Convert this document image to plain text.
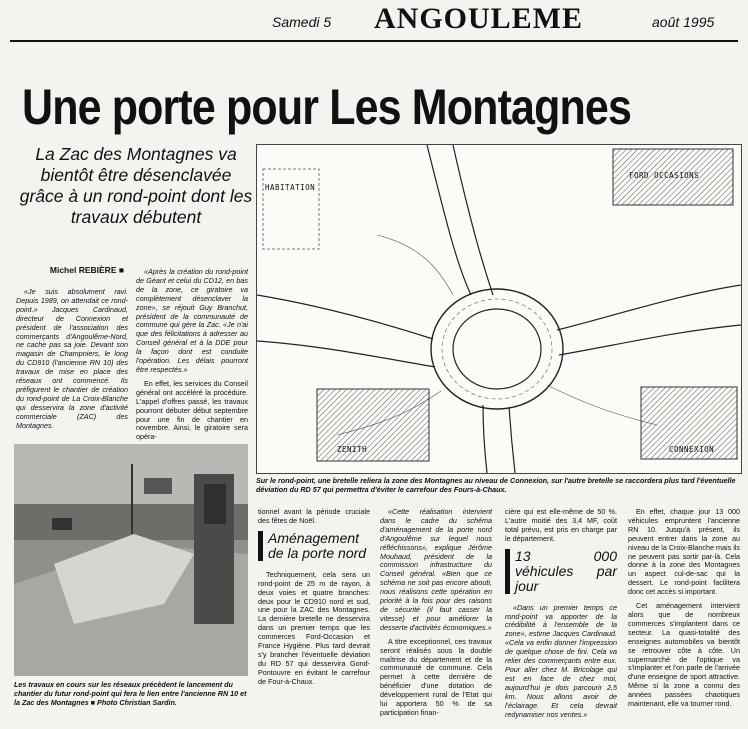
Samedi 5 ANGOULEME	août 1995
Une porte pour Les Montagnes
La Zac des Montagnes va bientôt être désenclavée grâce à un rond-point dont les travaux débutent
Michel REBIÈRE ■

«Je suis absolument ravi. Depuis 1989, on attendait ce rond-point.» Jacques Cardinaud, directeur de Connexion et président de l'association des commerçants d'Angoulême-Nord, ne cache pas sa joie. Devant son magasin de Champniers, le long du CD910 (l'ancienne RN 10) des travaux de mise en place des réseaux ont commencé. Ils préfigurent le chantier de création du rond-point de La Croix-Blanche qui desservira la zone d'activité commerciale (ZAC) des Montagnes.

«Après la création du rond-point de Géant et celui du CD12, en bas de la zone, ce giratoire va complètement désenclaver la zone», se réjouit Guy Branchut, président de la communauté de commune qui gère la Zac. «Je n'ai que des félicitations à adresser au Conseil général et à la DDE pour la façon dont est conduite l'opération. Les délais pourront être respectés.»

En effet, les services du Conseil général ont accéléré la procédure. L'appel d'offres passé, les travaux pourront débuter début septembre pour une fin de chantier en novembre. Ainsi, le giratoire sera opéra-

HABITATION
FORD OCCASIONS
ZENITH	CONNEXION
Sur le rond-point, une bretelle reliera la zone des Montagnes au niveau de Connexion, sur l'autre bretelle se raccordera plus tard l'éventuelle déviation du RD 57 qui permettra d'éviter le carrefour des Fours-à-Chaux.
Les travaux en cours sur les réseaux précèdent le lancement du chantier du futur rond-point qui fera le lien entre l'ancienne RN 10 et la Zac des Montagnes ■ Photo Christian Sardin.

tionnel avant la période cruciale des fêtes de Noël.

Aménagement de la porte nord

Techniquement, cela sera un rond-point de 25 m de rayon, à deux voies et quatre branches: deux pour le CD910 nord et sud, une pour la ZAC des Montagnes. La dernière bretelle ne desservira dans un premier temps que les commerces Ford-Occasion et France Hygiène. Plus tard devrait s'y brancher l'éventuelle déviation du RD 57 qui desservira Gond-Pontouvre en évitant le carrefour de Four-à-Chaux.

«Cette réalisation intervient dans le cadre du schéma d'aménagement de la porte nord d'Angoulême sur lequel nous réfléchissons», explique Jérôme Mouhaud, président de la commission infrastructure du Conseil général. «Bien que ce schéma ne soit pas encore abouti, nous réalisons cette opération en priorité à la fois pour des raisons de sécurité (il faut casser la vitesse) et pour améliorer la desserte d'activités économiques.»

A titre exceptionnel, ces travaux seront réalisés sous la double maîtrise du département et de la communauté de commune. Cela permet à cette dernière de bénéficier d'une dotation de développement rural de l'Etat qui lui apportera 50 % de sa participation finan-

cière qui est elle-même de 50 %. L'autre moitié des 3,4 MF, coût total prévu, est pris en charge par le département.

13 000 véhicules par jour

«Dans un premier temps ce rond-point va apporter de la crédibilité à l'ensemble de la zone», estime Jacques Cardinaud. «Cela va enfin donner l'impression de quelque chose de fini. Cela va relier des commerçants entre eux. Pour aller chez M. Bricolage qui est en face de chez moi, aujourd'hui je dois parcourir 2,5 km. Nous allons avoir de l'éclairage. Et cela devrait redynamiser nos ventes.»

En effet, chaque jour 13 000 véhicules empruntent l'ancienne RN 10. Jusqu'à présent, ils peuvent entrer dans la zone au niveau de la Croix-Blanche mais ils ne peuvent pas sortir par-là. Cela donne à la zone des Montagnes un aspect cul-de-sac qui la dessert. Le rond-point facilitera donc cet accès si important.

Cet aménagement intervient alors que de nombreux commerces s'implantent dans ce secteur. La quasi-totalité des enseignes automobiles va bientôt se retrouver côte à côte. Un supermarché de l'optique va s'implanter et l'on parle de l'arrivée d'une enseigne de sport attractive. Même si la zone a connu des années passées chaotiques maintenant, elle va tourner rond.
